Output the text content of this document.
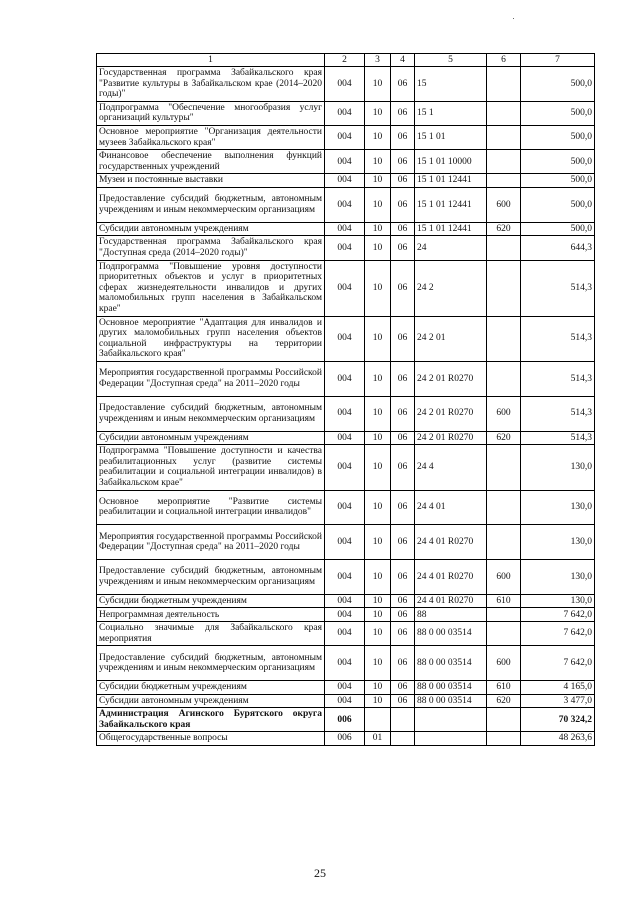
1	2	3	4	5	6	7
Государственная программа Забайкальского края "Развитие культуры в Забайкальском крае (2014–2020 годы)"	004	10	06	15		500,0
Подпрограмма "Обеспечение многообразия услуг организаций культуры"	004	10	06	15 1		500,0
Основное мероприятие "Организация деятельности музеев Забайкальского края"	004	10	06	15 1 01		500,0
Финансовое обеспечение выполнения функций государственных учреждений	004	10	06	15 1 01 10000		500,0
Музеи и постоянные выставки	004	10	06	15 1 01 12441		500,0
Предоставление субсидий бюджетным, автономным учреждениям и иным некоммерческим организациям	004	10	06	15 1 01 12441	600	500,0
Субсидии автономным учреждениям	004	10	06	15 1 01 12441	620	500,0
Государственная программа Забайкальского края "Доступная среда (2014–2020 годы)"	004	10	06	24		644,3
Подпрограмма "Повышение уровня доступности приоритетных объектов и услуг в приоритетных сферах жизнедеятельности инвалидов и других маломобильных групп населения в Забайкальском крае"	004	10	06	24 2		514,3
Основное мероприятие "Адаптация для инвалидов и других маломобильных групп населения объектов социальной инфраструктуры на территории Забайкальского края"	004	10	06	24 2 01		514,3
Мероприятия государственной программы Российской Федерации "Доступная среда" на 2011–2020 годы	004	10	06	24 2 01 R0270		514,3
Предоставление субсидий бюджетным, автономным учреждениям и иным некоммерческим организациям	004	10	06	24 2 01 R0270	600	514,3
Субсидии автономным учреждениям	004	10	06	24 2 01 R0270	620	514,3
Подпрограмма "Повышение доступности и качества реабилитационных услуг (развитие системы реабилитации и социальной интеграции инвалидов) в Забайкальском крае"	004	10	06	24 4		130,0
Основное мероприятие "Развитие системы реабилитации и социальной интеграции инвалидов"	004	10	06	24 4 01		130,0
Мероприятия государственной программы Российской Федерации "Доступная среда" на 2011–2020 годы	004	10	06	24 4 01 R0270		130,0
Предоставление субсидий бюджетным, автономным учреждениям и иным некоммерческим организациям	004	10	06	24 4 01 R0270	600	130,0
Субсидии бюджетным учреждениям	004	10	06	24 4 01 R0270	610	130,0
Непрограммная деятельность	004	10	06	88		7 642,0
Социально значимые для Забайкальского края мероприятия	004	10	06	88 0 00 03514		7 642,0
Предоставление субсидий бюджетным, автономным учреждениям и иным некоммерческим организациям	004	10	06	88 0 00 03514	600	7 642,0
Субсидии бюджетным учреждениям	004	10	06	88 0 00 03514	610	4 165,0
Субсидии автономным учреждениям	004	10	06	88 0 00 03514	620	3 477,0
Администрация Агинского Бурятского округа Забайкальского края	006					70 324,2
Общегосударственные вопросы	006	01				48 263,6
25
